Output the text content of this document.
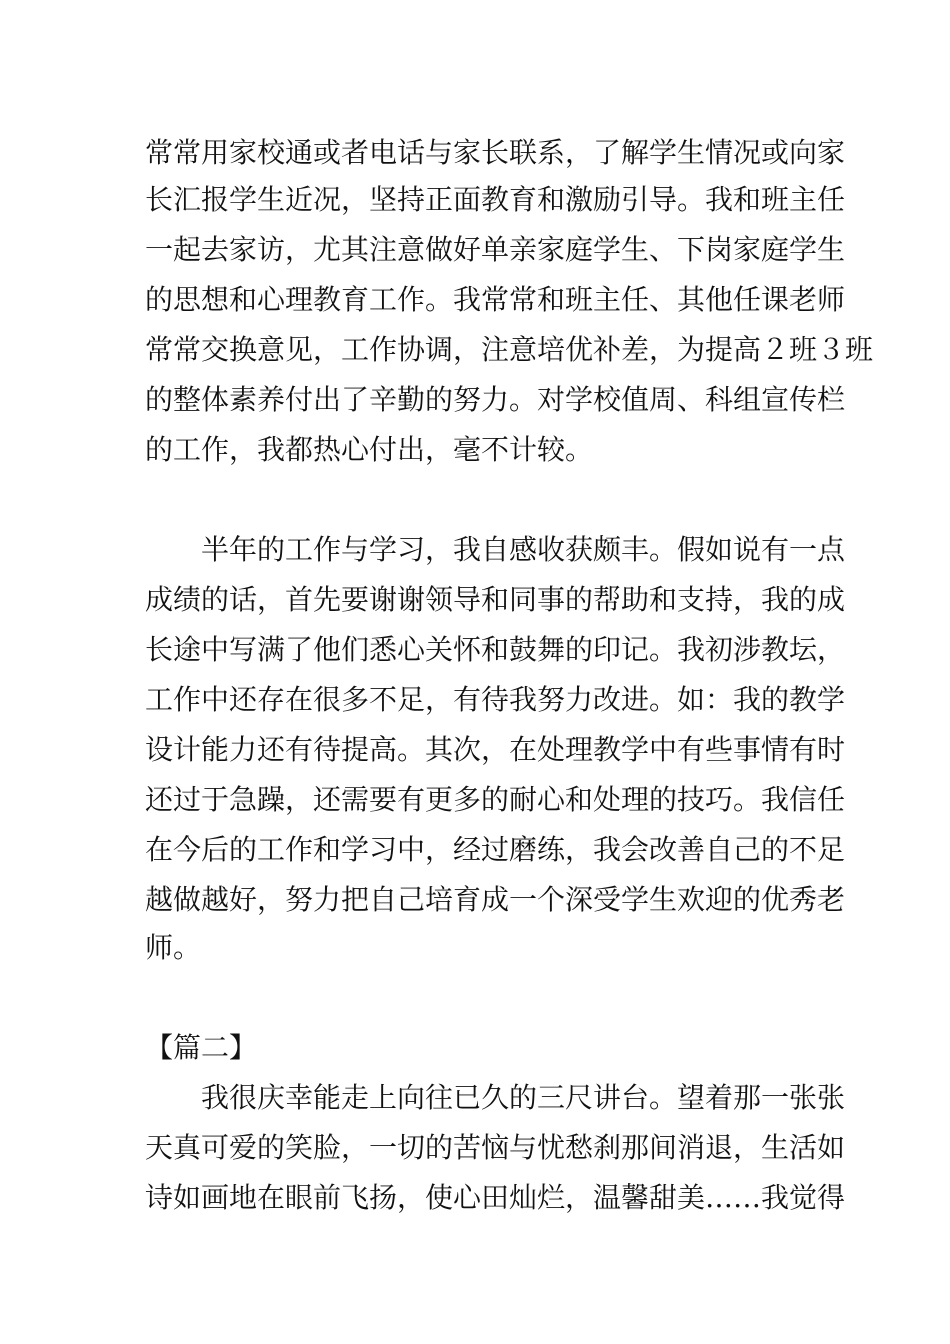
常常用家校通或者电话与家长联系，了解学生情况或向家
长汇报学生近况，坚持正面教育和激励引导。我和班主任
一起去家访，尤其注意做好单亲家庭学生、下岗家庭学生
的思想和心理教育工作。我常常和班主任、其他任课老师
常常交换意见，工作协调，注意培优补差，为提高２班３班
的整体素养付出了辛勤的努力。对学校值周、科组宣传栏
的工作，我都热心付出，毫不计较。
半年的工作与学习，我自感收获颇丰。假如说有一点
成绩的话，首先要谢谢领导和同事的帮助和支持，我的成
长途中写满了他们悉心关怀和鼓舞的印记。我初涉教坛，
工作中还存在很多不足，有待我努力改进。如：我的教学
设计能力还有待提高。其次，在处理教学中有些事情有时
还过于急躁，还需要有更多的耐心和处理的技巧。我信任
在今后的工作和学习中，经过磨练，我会改善自己的不足
越做越好，努力把自己培育成一个深受学生欢迎的优秀老
师。
【篇二】
我很庆幸能走上向往已久的三尺讲台。望着那一张张
天真可爱的笑脸，一切的苦恼与忧愁刹那间消退，生活如
诗如画地在眼前飞扬，使心田灿烂，温馨甜美……我觉得
